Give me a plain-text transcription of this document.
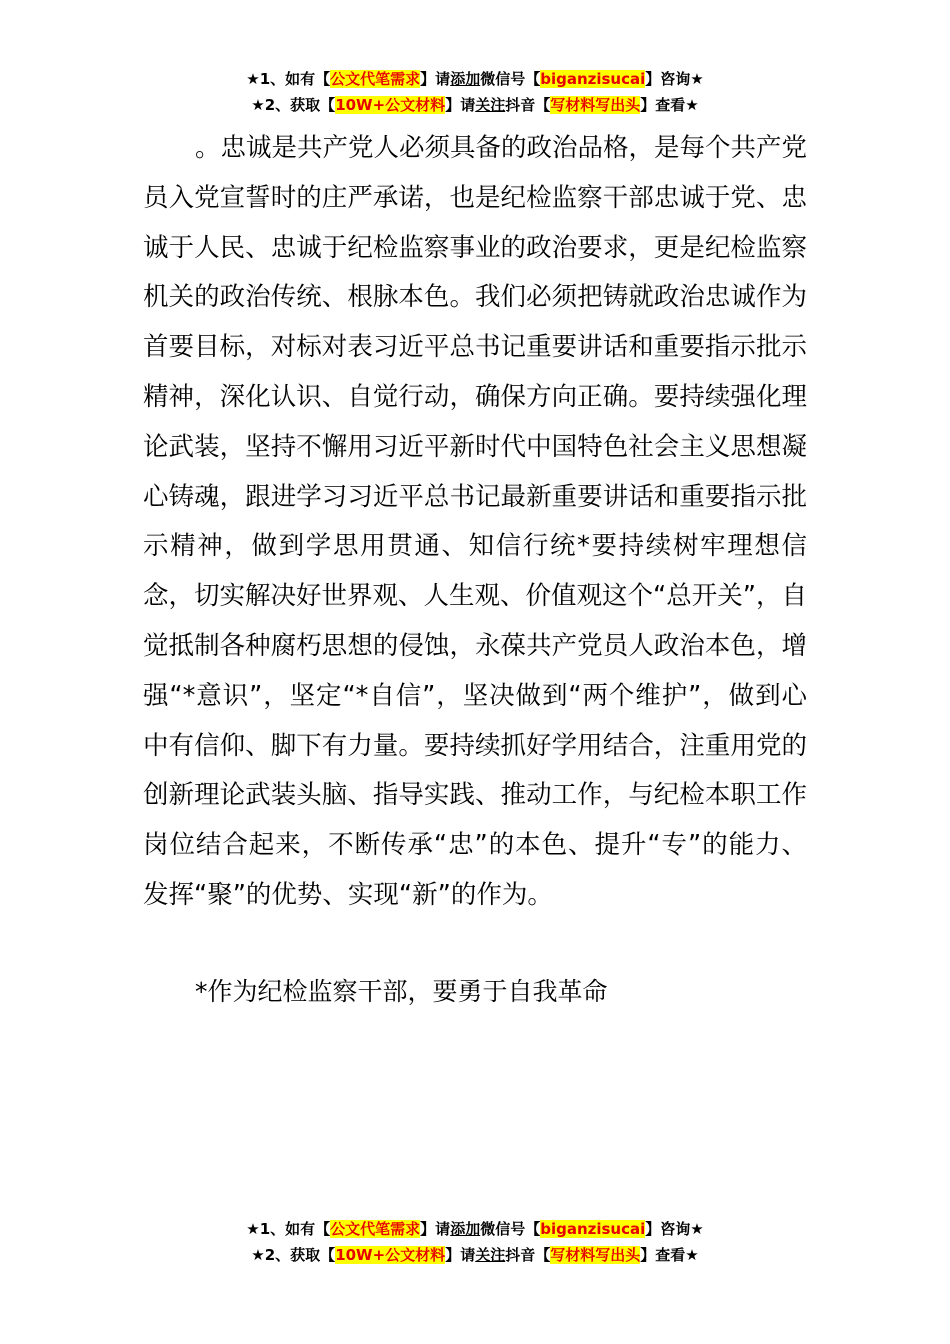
★1、如有【公文代笔需求】请添加微信号【biganzisucai】咨询★
★2、获取【10W+公文材料】请关注抖音【写材料写出头】查看★

。忠诚是共产党人必须具备的政治品格，是每个共产党员入党宣誓时的庄严承诺，也是纪检监察干部忠诚于党、忠诚于人民、忠诚于纪检监察事业的政治要求，更是纪检监察机关的政治传统、根脉本色。我们必须把铸就政治忠诚作为首要目标，对标对表习近平总书记重要讲话和重要指示批示精神，深化认识、自觉行动，确保方向正确。要持续强化理论武装，坚持不懈用习近平新时代中国特色社会主义思想凝心铸魂，跟进学习习近平总书记最新重要讲话和重要指示批示精神，做到学思用贯通、知信行统*要持续树牢理想信念，切实解决好世界观、人生观、价值观这个“总开关”，自觉抵制各种腐朽思想的侵蚀，永葆共产党员人政治本色，增强“*意识”，坚定“*自信”，坚决做到“两个维护”，做到心中有信仰、脚下有力量。要持续抓好学用结合，注重用党的创新理论武装头脑、指导实践、推动工作，与纪检本职工作岗位结合起来，不断传承“忠”的本色、提升“专”的能力、发挥“聚”的优势、实现“新”的作为。

*作为纪检监察干部，要勇于自我革命
★1、如有【公文代笔需求】请添加微信号【biganzisucai】咨询★
★2、获取【10W+公文材料】请关注抖音【写材料写出头】查看★
